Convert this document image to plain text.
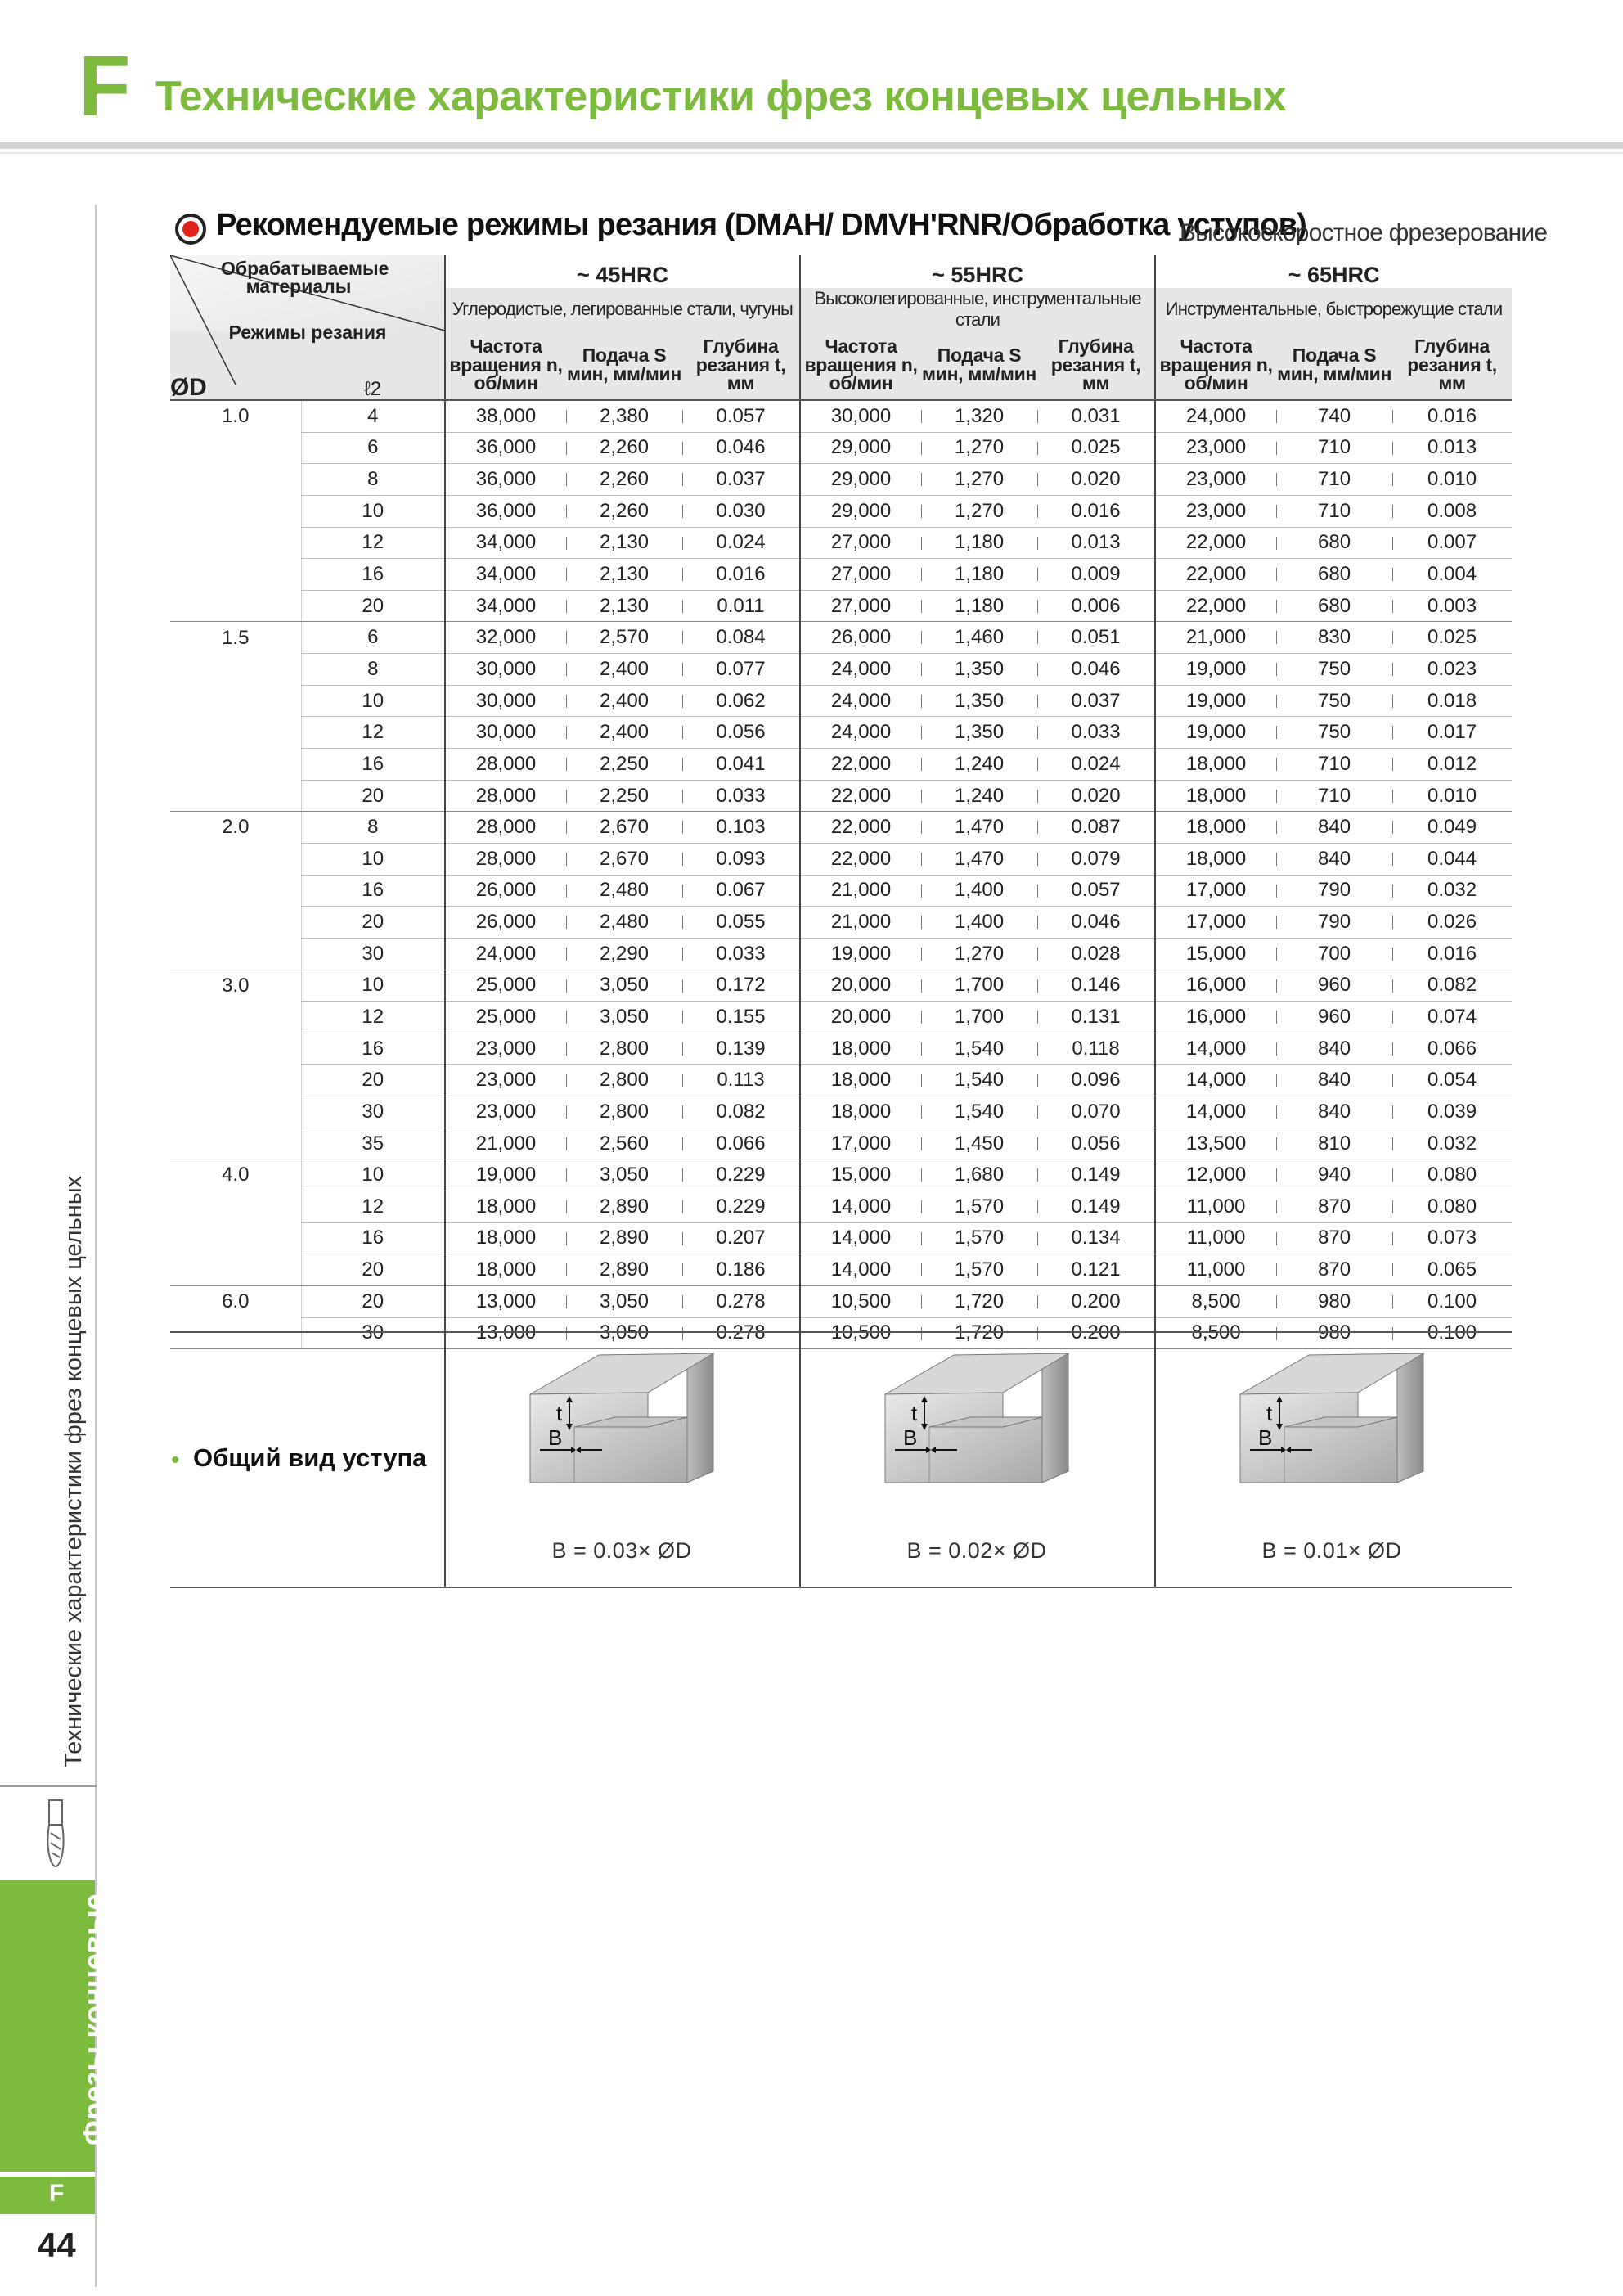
F Технические характеристики фрез концевых цельных
Технические характеристики фрез концевых цельных
Фрезы концевые
F
44
Рекомендуемые режимы резания (DMAH/ DMVH'RNR/Обработка уступов)
Высокоскоростное фрезерование
Обрабатываемые материалы
Режимы резания		~ 45HRC			~ 55HRC			~ 65HRC		
		Углеродистые, легированные стали, чугуны			Высоколегированные, инструментальные стали			Инструментальные, быстрорежущие стали		
ØD	ℓ2	Частота вращения n, об/мин	Подача S мин, мм/мин	Глубина резания t, мм	Частота вращения n, об/мин	Подача S мин, мм/мин	Глубина резания t, мм	Частота вращения n, об/мин	Подача S мин, мм/мин	Глубина резания t, мм
1.0	4	38,000	2,380	0.057	30,000	1,320	0.031	24,000	740	0.016
	6	36,000	2,260	0.046	29,000	1,270	0.025	23,000	710	0.013
	8	36,000	2,260	0.037	29,000	1,270	0.020	23,000	710	0.010
	10	36,000	2,260	0.030	29,000	1,270	0.016	23,000	710	0.008
	12	34,000	2,130	0.024	27,000	1,180	0.013	22,000	680	0.007
	16	34,000	2,130	0.016	27,000	1,180	0.009	22,000	680	0.004
	20	34,000	2,130	0.011	27,000	1,180	0.006	22,000	680	0.003
1.5	6	32,000	2,570	0.084	26,000	1,460	0.051	21,000	830	0.025
	8	30,000	2,400	0.077	24,000	1,350	0.046	19,000	750	0.023
	10	30,000	2,400	0.062	24,000	1,350	0.037	19,000	750	0.018
	12	30,000	2,400	0.056	24,000	1,350	0.033	19,000	750	0.017
	16	28,000	2,250	0.041	22,000	1,240	0.024	18,000	710	0.012
	20	28,000	2,250	0.033	22,000	1,240	0.020	18,000	710	0.010
2.0	8	28,000	2,670	0.103	22,000	1,470	0.087	18,000	840	0.049
	10	28,000	2,670	0.093	22,000	1,470	0.079	18,000	840	0.044
	16	26,000	2,480	0.067	21,000	1,400	0.057	17,000	790	0.032
	20	26,000	2,480	0.055	21,000	1,400	0.046	17,000	790	0.026
	30	24,000	2,290	0.033	19,000	1,270	0.028	15,000	700	0.016
3.0	10	25,000	3,050	0.172	20,000	1,700	0.146	16,000	960	0.082
	12	25,000	3,050	0.155	20,000	1,700	0.131	16,000	960	0.074
	16	23,000	2,800	0.139	18,000	1,540	0.118	14,000	840	0.066
	20	23,000	2,800	0.113	18,000	1,540	0.096	14,000	840	0.054
	30	23,000	2,800	0.082	18,000	1,540	0.070	14,000	840	0.039
	35	21,000	2,560	0.066	17,000	1,450	0.056	13,500	810	0.032
4.0	10	19,000	3,050	0.229	15,000	1,680	0.149	12,000	940	0.080
	12	18,000	2,890	0.229	14,000	1,570	0.149	11,000	870	0.080
	16	18,000	2,890	0.207	14,000	1,570	0.134	11,000	870	0.073
	20	18,000	2,890	0.186	14,000	1,570	0.121	11,000	870	0.065
6.0	20	13,000	3,050	0.278	10,500	1,720	0.200	8,500	980	0.100
	30	13,000	3,050	0.278	10,500	1,720	0.200	8,500	980	0.100
• Общий вид уступа
t
B
t
B
t
B
B = 0.03× ØD	B = 0.02× ØD	B = 0.01× ØD
